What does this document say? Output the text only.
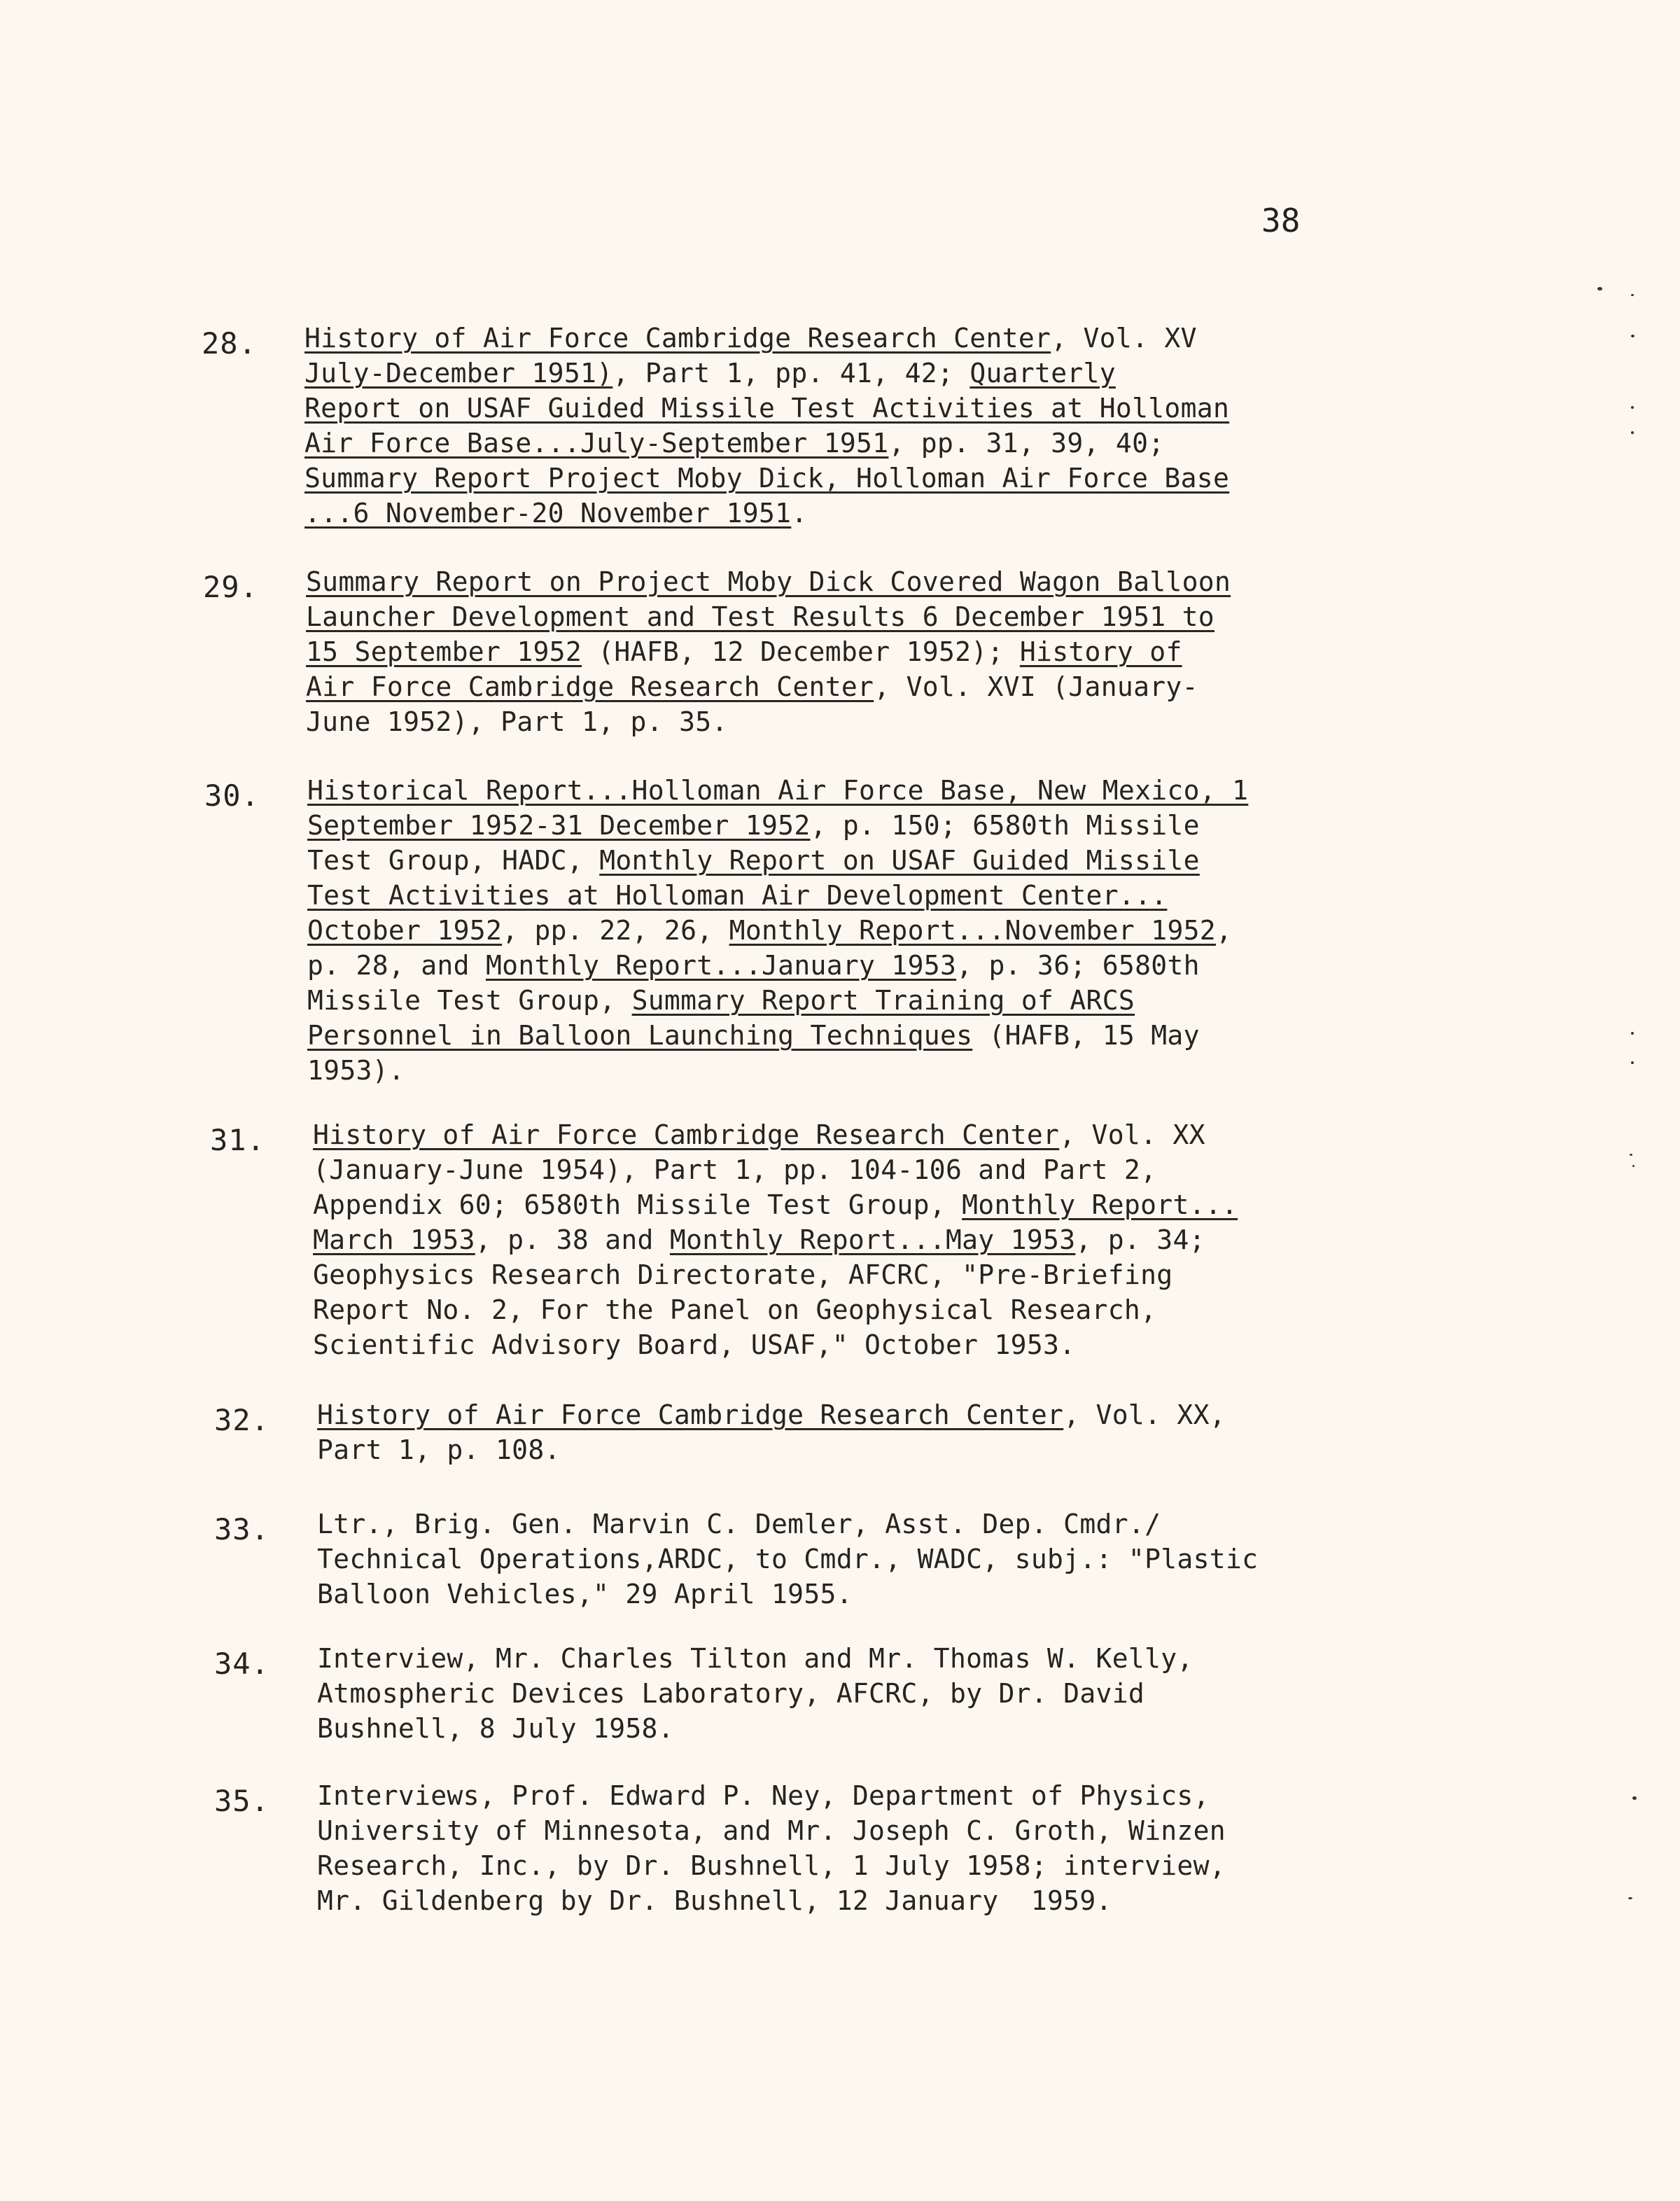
38
28. History of Air Force Cambridge Research Center, Vol. XV
July-December 1951), Part 1, pp. 41, 42; Quarterly
Report on USAF Guided Missile Test Activities at Holloman
Air Force Base...July-September 1951, pp. 31, 39, 40;
Summary Report Project Moby Dick, Holloman Air Force Base
...6 November-20 November 1951.
29. Summary Report on Project Moby Dick Covered Wagon Balloon
Launcher Development and Test Results 6 December 1951 to
15 September 1952 (HAFB, 12 December 1952); History of
Air Force Cambridge Research Center, Vol. XVI (January-
June 1952), Part 1, p. 35.
30. Historical Report...Holloman Air Force Base, New Mexico, 1
September 1952-31 December 1952, p. 150; 6580th Missile
Test Group, HADC, Monthly Report on USAF Guided Missile
Test Activities at Holloman Air Development Center...
October 1952, pp. 22, 26, Monthly Report...November 1952,
p. 28, and Monthly Report...January 1953, p. 36; 6580th
Missile Test Group, Summary Report Training of ARCS
Personnel in Balloon Launching Techniques (HAFB, 15 May
1953).
31. History of Air Force Cambridge Research Center, Vol. XX
(January-June 1954), Part 1, pp. 104-106 and Part 2,
Appendix 60; 6580th Missile Test Group, Monthly Report...
March 1953, p. 38 and Monthly Report...May 1953, p. 34;
Geophysics Research Directorate, AFCRC, "Pre-Briefing
Report No. 2, For the Panel on Geophysical Research,
Scientific Advisory Board, USAF," October 1953.
32. History of Air Force Cambridge Research Center, Vol. XX,
Part 1, p. 108.
33. Ltr., Brig. Gen. Marvin C. Demler, Asst. Dep. Cmdr./
Technical Operations,ARDC, to Cmdr., WADC, subj.: "Plastic
Balloon Vehicles," 29 April 1955.
34. Interview, Mr. Charles Tilton and Mr. Thomas W. Kelly,
Atmospheric Devices Laboratory, AFCRC, by Dr. David
Bushnell, 8 July 1958.
35. Interviews, Prof. Edward P. Ney, Department of Physics,
University of Minnesota, and Mr. Joseph C. Groth, Winzen
Research, Inc., by Dr. Bushnell, 1 July 1958; interview,
Mr. Gildenberg by Dr. Bushnell, 12 January  1959.
